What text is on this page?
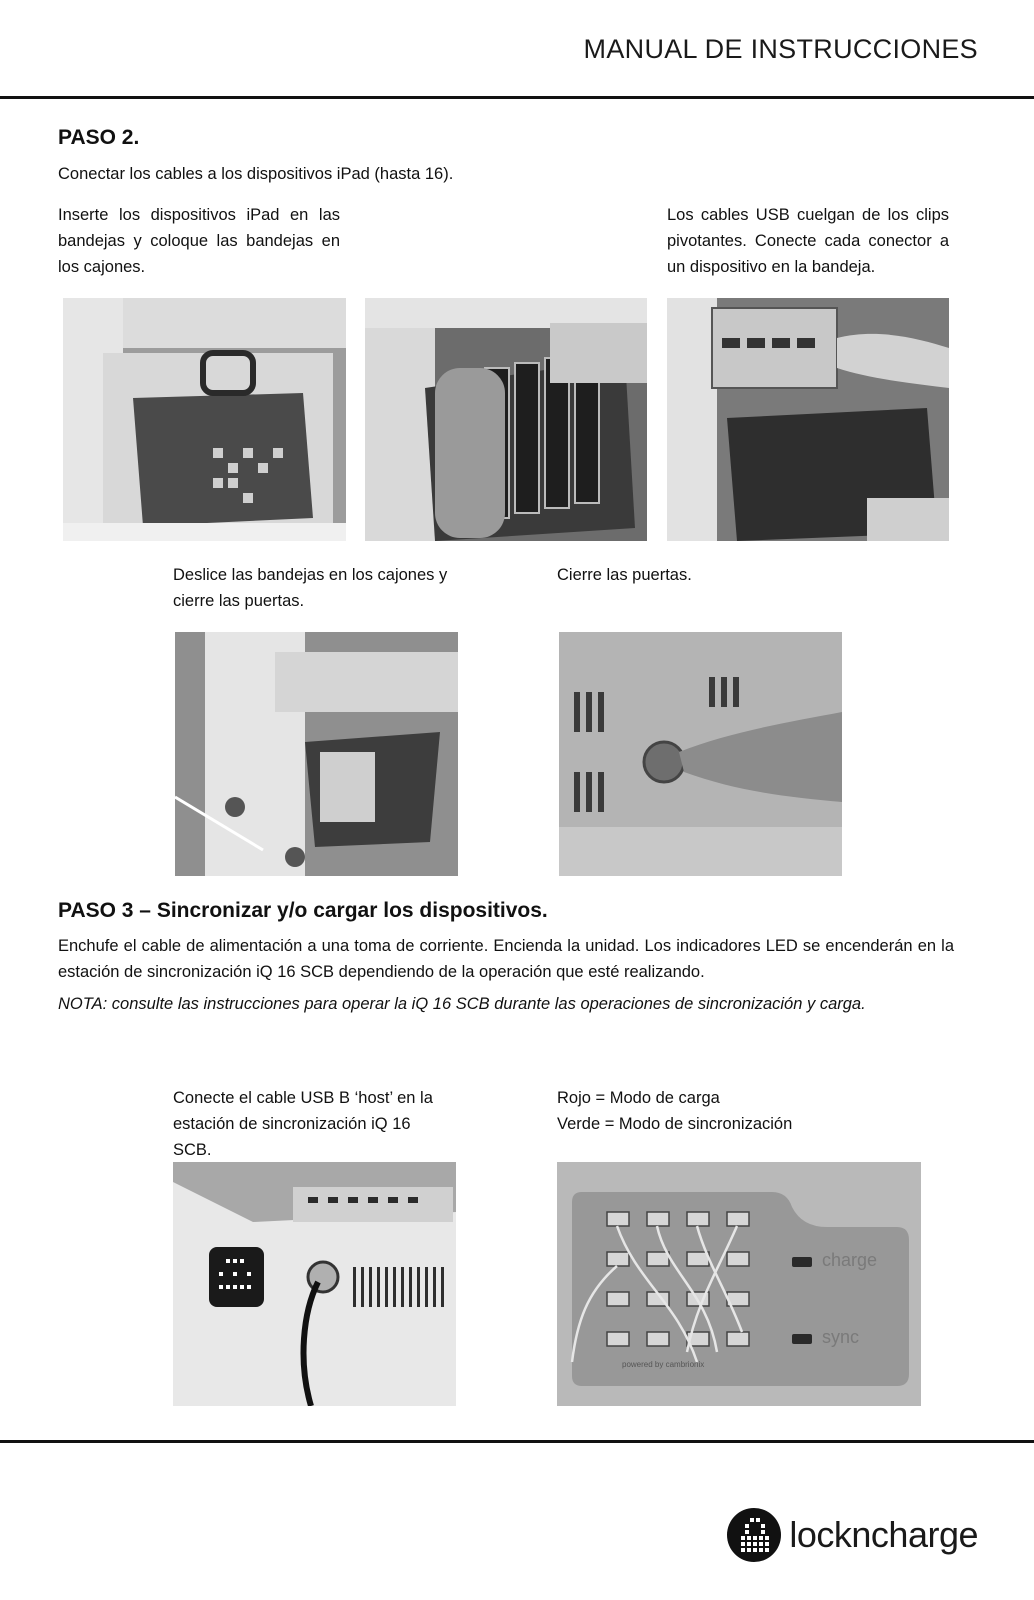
MANUAL DE INSTRUCCIONES
PASO 2.
Conectar los cables a los dispositivos iPad (hasta 16).
Inserte los dispositivos iPad en las bandejas y coloque las bandejas en los cajones.
Los cables USB cuelgan de los clips pivotantes. Conecte cada conector a un dispositivo en la bandeja.
Deslice las bandejas en los cajones y cierre las puertas.
Cierre las puertas.
PASO 3 – Sincronizar y/o cargar los dispositivos.
Enchufe el cable de alimentación a una toma de corriente. Encienda la unidad. Los indicadores LED se encenderán en la estación de sincronización iQ 16 SCB dependiendo de la operación que esté realizando.
NOTA: consulte las instrucciones para operar la iQ 16 SCB durante las operaciones de sincronización y carga.
Conecte el cable USB B ‘host’ en la estación de sincronización iQ 16 SCB.
Rojo = Modo de carga
Verde = Modo de sincronización
charge
sync
powered by cambrionix
lockncharge
